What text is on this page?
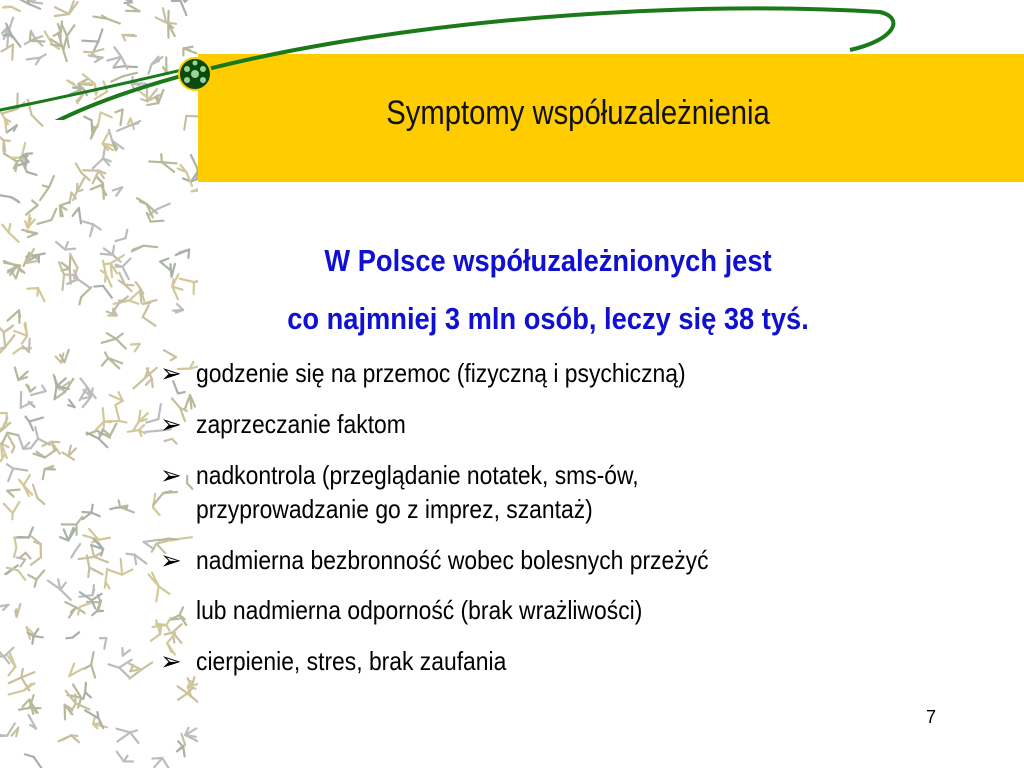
Symptomy współuzależnienia
W Polsce współuzależnionych jest
co najmniej 3 mln osób, leczy się 38 tyś.
➢ godzenie się na przemoc (fizyczną i psychiczną)
➢ zaprzeczanie faktom
➢ nadkontrola (przeglądanie notatek, sms-ów,
przyprowadzanie go z imprez, szantaż)
➢ nadmierna bezbronność wobec bolesnych przeżyć
lub nadmierna odporność (brak wrażliwości)
➢ cierpienie, stres, brak zaufania
7
